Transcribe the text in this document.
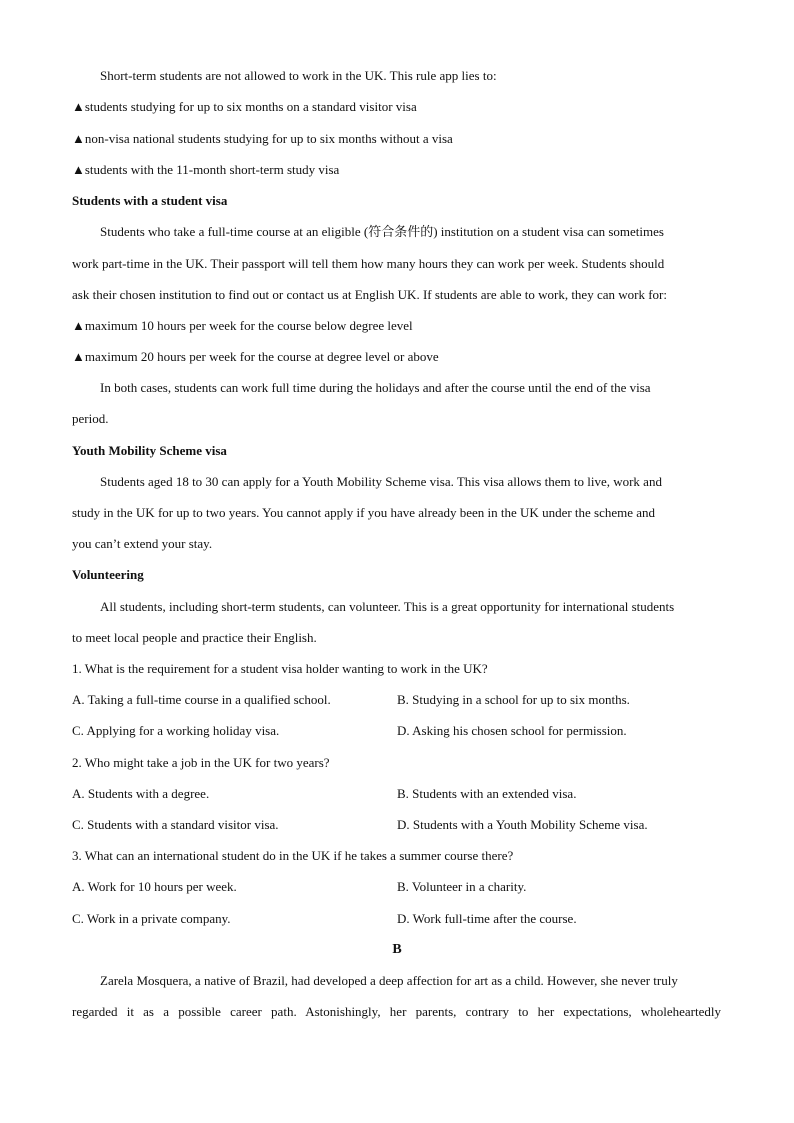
Short-term students are not allowed to work in the UK. This rule app lies to:
▲students studying for up to six months on a standard visitor visa
▲non-visa national students studying for up to six months without a visa
▲students with the 11-month short-term study visa
Students with a student visa
Students who take a full-time course at an eligible (符合条件的) institution on a student visa can sometimes
work part-time in the UK. Their passport will tell them how many hours they can work per week. Students should
ask their chosen institution to find out or contact us at English UK. If students are able to work, they can work for:
▲maximum 10 hours per week for the course below degree level
▲maximum 20 hours per week for the course at degree level or above
In both cases, students can work full time during the holidays and after the course until the end of the visa
period.
Youth Mobility Scheme visa
Students aged 18 to 30 can apply for a Youth Mobility Scheme visa. This visa allows them to live, work and
study in the UK for up to two years. You cannot apply if you have already been in the UK under the scheme and
you can’t extend your stay.
Volunteering
All students, including short-term students, can volunteer. This is a great opportunity for international students
to meet local people and practice their English.
1. What is the requirement for a student visa holder wanting to work in the UK?
A. Taking a full-time course in a qualified school.	B. Studying in a school for up to six months.
C. Applying for a working holiday visa.	D. Asking his chosen school for permission.
2. Who might take a job in the UK for two years?
A. Students with a degree.	B. Students with an extended visa.
C. Students with a standard visitor visa.	D. Students with a Youth Mobility Scheme visa.
3. What can an international student do in the UK if he takes a summer course there?
A. Work for 10 hours per week.	B. Volunteer in a charity.
C. Work in a private company.	D. Work full-time after the course.
B
Zarela Mosquera, a native of Brazil, had developed a deep affection for art as a child. However, she never truly
regarded it as a possible career path. Astonishingly, her parents, contrary to her expectations, wholeheartedly
